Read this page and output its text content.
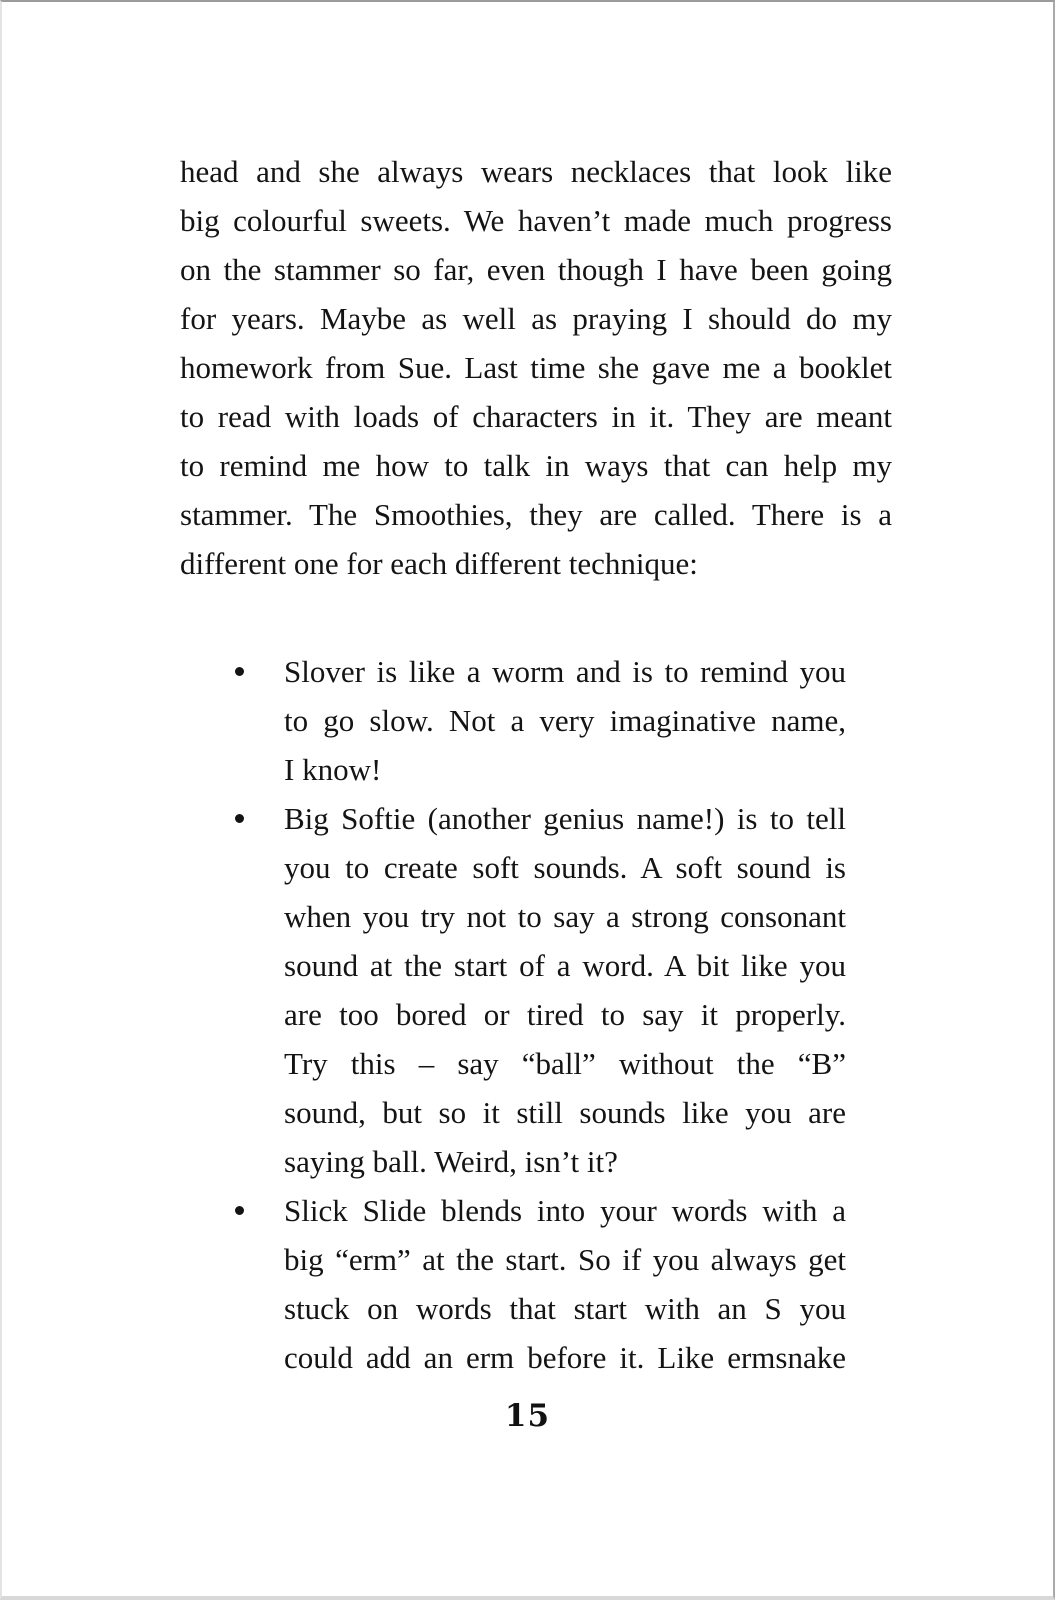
head and she always wears necklaces that look like
big colourful sweets. We haven’t made much progress
on the stammer so far, even though I have been going
for years. Maybe as well as praying I should do my
homework from Sue. Last time she gave me a booklet
to read with loads of characters in it. They are meant
to remind me how to talk in ways that can help my
stammer. The Smoothies, they are called. There is a
different one for each different technique:
Slover is like a worm and is to remind you
to go slow. Not a very imaginative name,
I know!
Big Softie (another genius name!) is to tell
you to create soft sounds. A soft sound is
when you try not to say a strong consonant
sound at the start of a word. A bit like you
are too bored or tired to say it properly.
Try this – say “ball” without the “B”
sound, but so it still sounds like you are
saying ball. Weird, isn’t it?
Slick Slide blends into your words with a
big “erm” at the start. So if you always get
stuck on words that start with an S you
could add an erm before it. Like ermsnake
15
